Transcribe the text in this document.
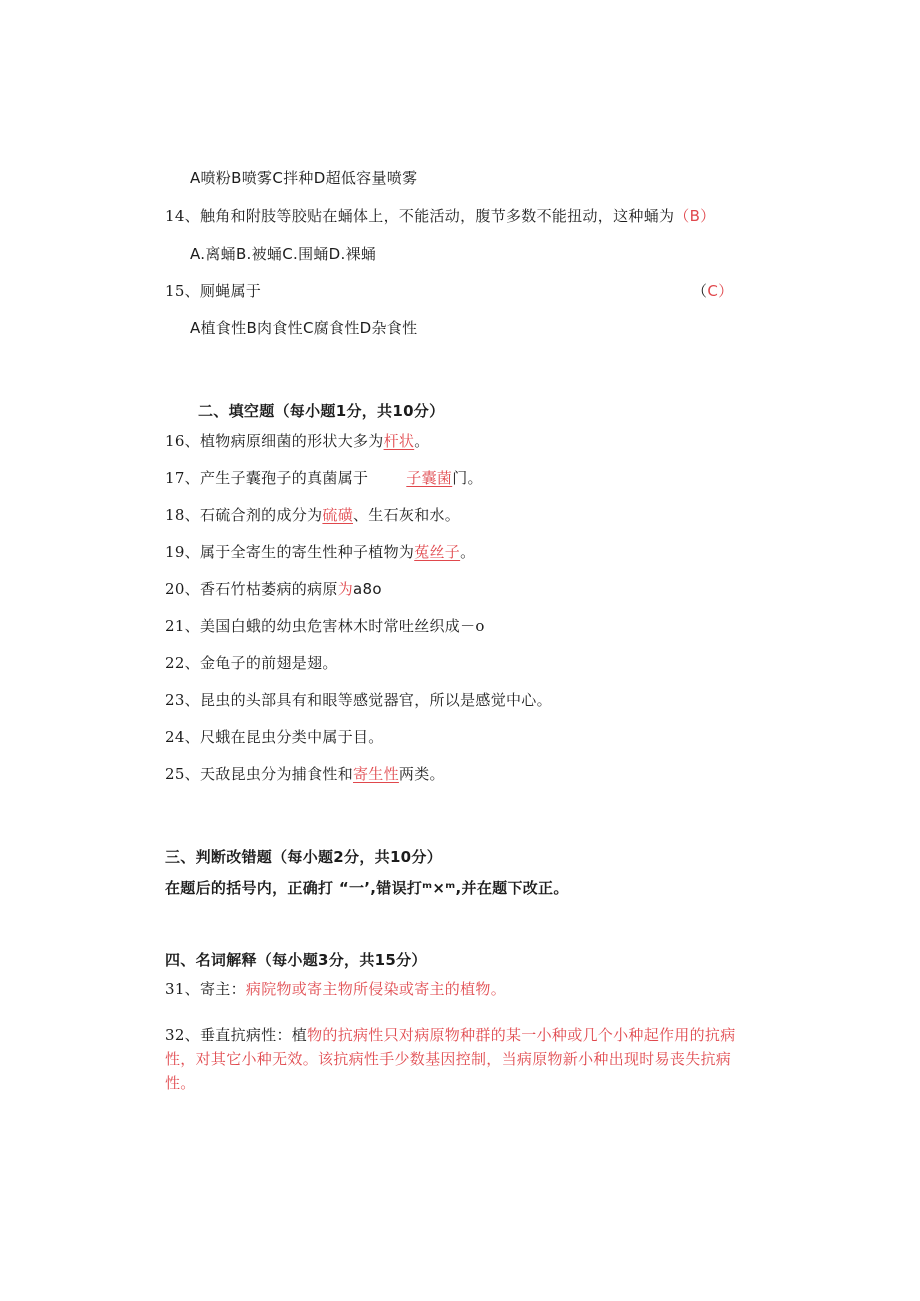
A喷粉B喷雾C拌种D超低容量喷雾
14、触角和附肢等胶贴在蛹体上，不能活动，腹节多数不能扭动，这种蛹为（B）
A.离蛹B.被蛹C.围蛹D.裸蛹
15、厕蝇属于	（C）
A植食性B肉食性C腐食性D杂食性
二、填空题（每小题1分，共10分）
16、植物病原细菌的形状大多为杆状。
17、产生子囊孢子的真菌属于	子囊菌门。
18、石硫合剂的成分为硫磺、生石灰和水。
19、属于全寄生的寄生性种子植物为菟丝子。
20、香石竹枯萎病的病原为a8o
21、美国白蛾的幼虫危害林木时常吐丝织成－o
22、金龟子的前翅是翅。
23、昆虫的头部具有和眼等感觉器官，所以是感觉中心。
24、尺蛾在昆虫分类中属于目。
25、天敌昆虫分为捕食性和寄生性两类。
三、判断改错题（每小题2分，共10分）
在题后的括号内，正确打 “一’,错误打ᵐ×ᵐ,并在题下改正。
四、名词解释（每小题3分，共15分）
31、寄主：病院物或寄主物所侵染或寄主的植物。
32、垂直抗病性：植物的抗病性只对病原物种群的某一小种或几个小种起作用的抗病
性，对其它小种无效。该抗病性手少数基因控制，当病原物新小种出现时易丧失抗病
性。
